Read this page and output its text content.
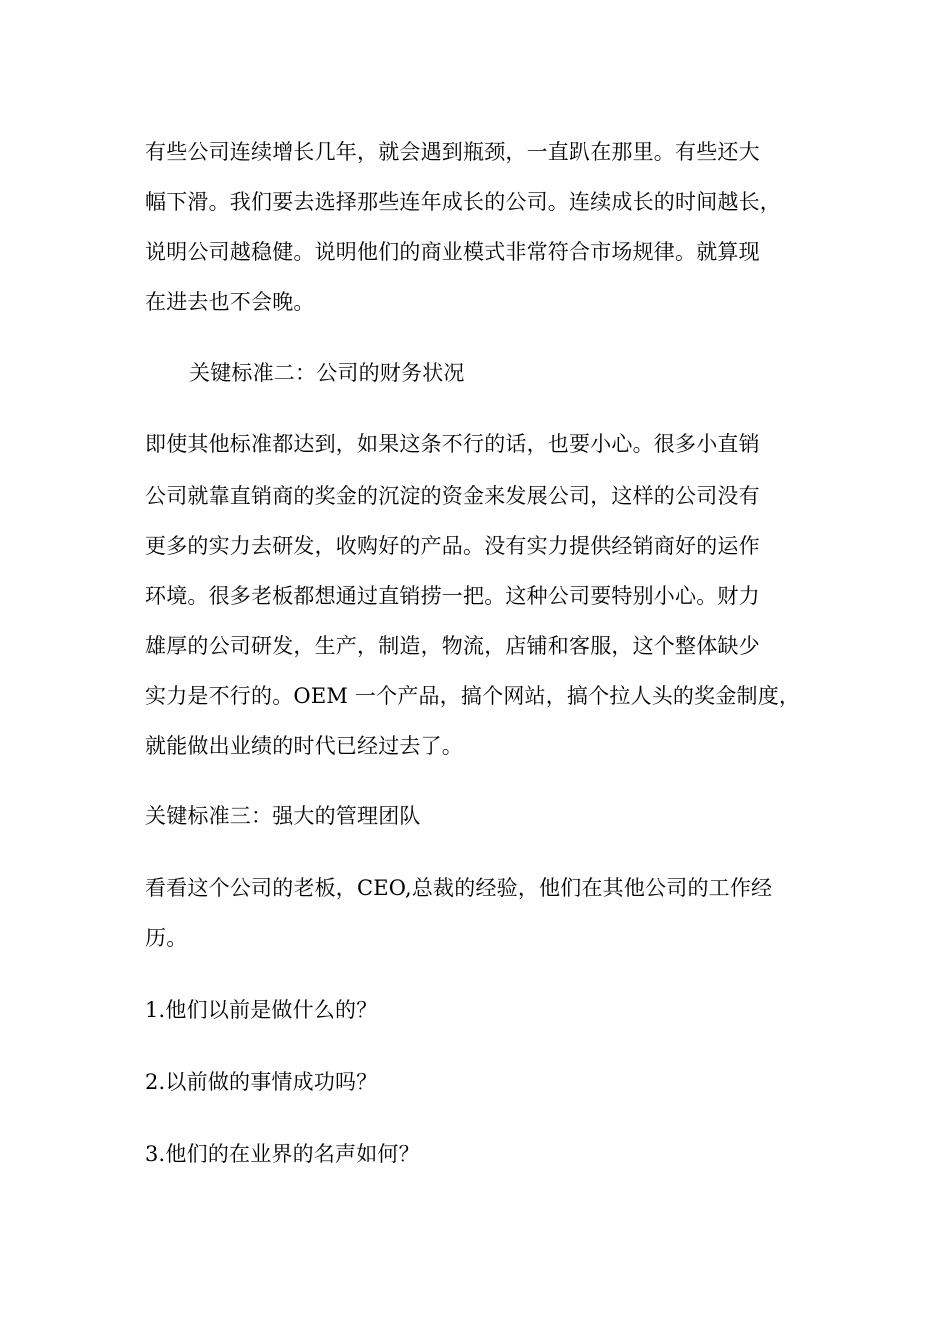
有些公司连续增长几年，就会遇到瓶颈，一直趴在那里。有些还大
幅下滑。我们要去选择那些连年成长的公司。连续成长的时间越长，
说明公司越稳健。说明他们的商业模式非常符合市场规律。就算现
在进去也不会晚。
关键标准二：公司的财务状况
即使其他标准都达到，如果这条不行的话，也要小心。很多小直销
公司就靠直销商的奖金的沉淀的资金来发展公司，这样的公司没有
更多的实力去研发，收购好的产品。没有实力提供经销商好的运作
环境。很多老板都想通过直销捞一把。这种公司要特别小心。财力
雄厚的公司研发，生产，制造，物流，店铺和客服，这个整体缺少
实力是不行的。OEM 一个产品，搞个网站，搞个拉人头的奖金制度，
就能做出业绩的时代已经过去了。
关键标准三：强大的管理团队
看看这个公司的老板，CEO,总裁的经验，他们在其他公司的工作经
历。
1.他们以前是做什么的？
2.以前做的事情成功吗？
3.他们的在业界的名声如何？
